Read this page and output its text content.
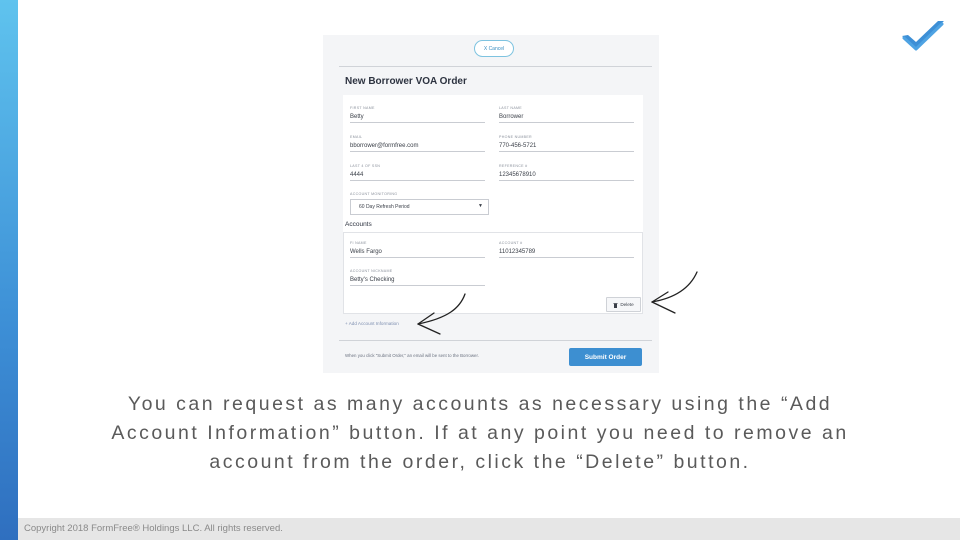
X Cancel
New Borrower VOA Order
FIRST NAME
Betty
LAST NAME
Borrower
EMAIL
bborrower@formfree.com
PHONE NUMBER
770-456-5721
LAST 4 OF SSN
4444
REFERENCE #
12345678910
ACCOUNT MONITORING
60 Day Refresh Period	▼
Accounts
FI NAME
Wells Fargo
ACCOUNT #
11012345789
ACCOUNT NICKNAME
Betty's Checking
Delete
+ Add Account Information
When you click "Submit Order," an email will be sent to the Borrower.	Submit Order
You can request as many accounts as necessary using the “Add Account Information” button. If at any point you need to remove an account from the order, click the “Delete” button.
Copyright 2018 FormFree® Holdings LLC. All rights reserved.
